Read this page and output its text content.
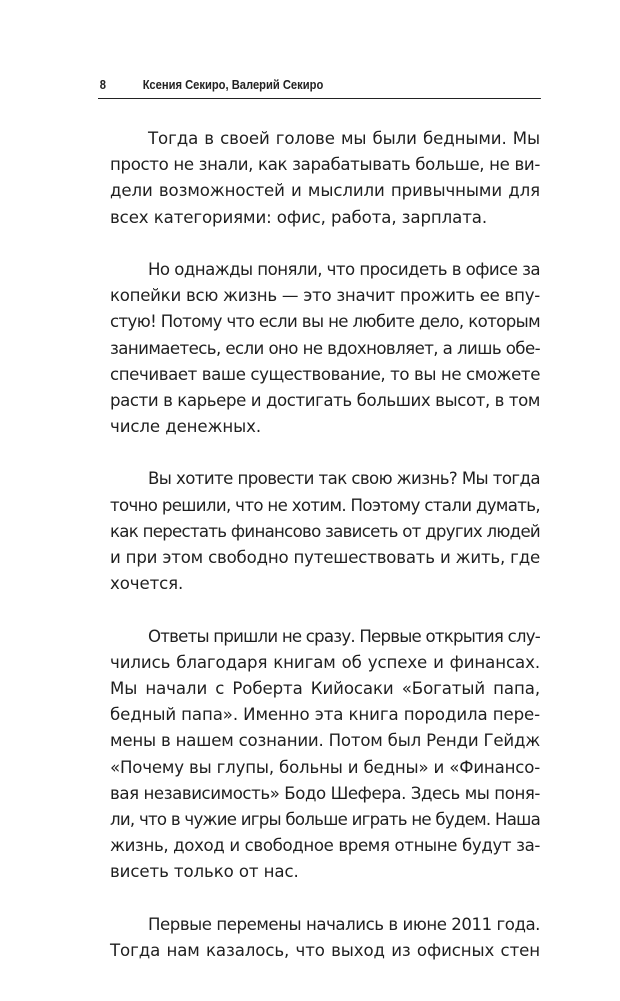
8	Ксения Секиро, Валерий Секиро

Тогда в своей голове мы были бедными. Мы
просто не знали, как зарабатывать больше, не ви-
дели возможностей и мыслили привычными для
всех категориями: офис, работа, зарплата.

Но однажды поняли, что просидеть в офисе за
копейки всю жизнь — это значит прожить ее впу-
стую! Потому что если вы не любите дело, которым
занимаетесь, если оно не вдохновляет, а лишь обе-
спечивает ваше существование, то вы не сможете
расти в карьере и достигать больших высот, в том
числе денежных.

Вы хотите провести так свою жизнь? Мы тогда
точно решили, что не хотим. Поэтому стали думать,
как перестать финансово зависеть от других людей
и при этом свободно путешествовать и жить, где
хочется.

Ответы пришли не сразу. Первые открытия слу-
чились благодаря книгам об успехе и финансах.
Мы начали с Роберта Кийосаки «Богатый папа,
бедный папа». Именно эта книга породила пере-
мены в нашем сознании. Потом был Ренди Гейдж
«Почему вы глупы, больны и бедны» и «Финансо-
вая независимость» Бодо Шефера. Здесь мы поня-
ли, что в чужие игры больше играть не будем. Наша
жизнь, доход и свободное время отныне будут за-
висеть только от нас.

Первые перемены начались в июне 2011 года.
Тогда нам казалось, что выход из офисных стен
